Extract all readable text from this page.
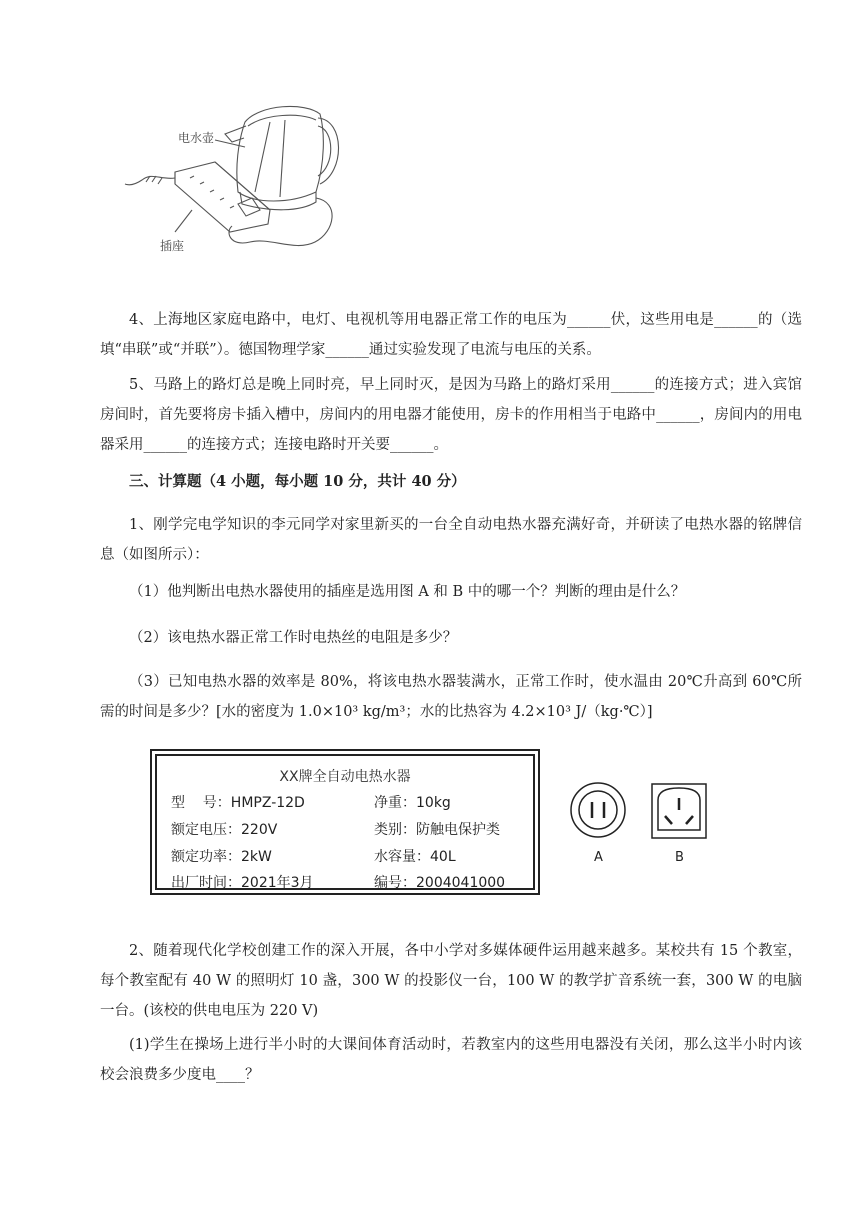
电水壶
插座

4、上海地区家庭电路中，电灯、电视机等用电器正常工作的电压为______伏，这些用电是______的（选填“串联”或“并联”）。德国物理学家______通过实验发现了电流与电压的关系。

5、马路上的路灯总是晚上同时亮，早上同时灭，是因为马路上的路灯采用______的连接方式；进入宾馆房间时，首先要将房卡插入槽中，房间内的用电器才能使用，房卡的作用相当于电路中______，房间内的用电器采用______的连接方式；连接电路时开关要______。

三、计算题（4 小题，每小题 10 分，共计 40 分）

1、刚学完电学知识的李元同学对家里新买的一台全自动电热水器充满好奇，并研读了电热水器的铭牌信息（如图所示）：

（1）他判断出电热水器使用的插座是选用图 A 和 B 中的哪一个？判断的理由是什么？

（2）该电热水器正常工作时电热丝的电阻是多少？

（3）已知电热水器的效率是 80%，将该电热水器装满水，正常工作时，使水温由 20℃升高到 60℃所需的时间是多少？[水的密度为 1.0×10³ kg/m³；水的比热容为 4.2×10³ J/（kg·℃）]

XX牌全自动电热水器
型    号：HMPZ-12D	净重：10kg
额定电压：220V	类别：防触电保护类
额定功率：2kW	水容量：40L
出厂时间：2021年3月	编号：2004041000
A	B

2、随着现代化学校创建工作的深入开展，各中小学对多媒体硬件运用越来越多。某校共有 15 个教室，每个教室配有 40 W 的照明灯 10 盏，300 W 的投影仪一台，100 W 的教学扩音系统一套，300 W 的电脑一台。(该校的供电电压为 220 V)

(1)学生在操场上进行半小时的大课间体育活动时，若教室内的这些用电器没有关闭，那么这半小时内该校会浪费多少度电____？
